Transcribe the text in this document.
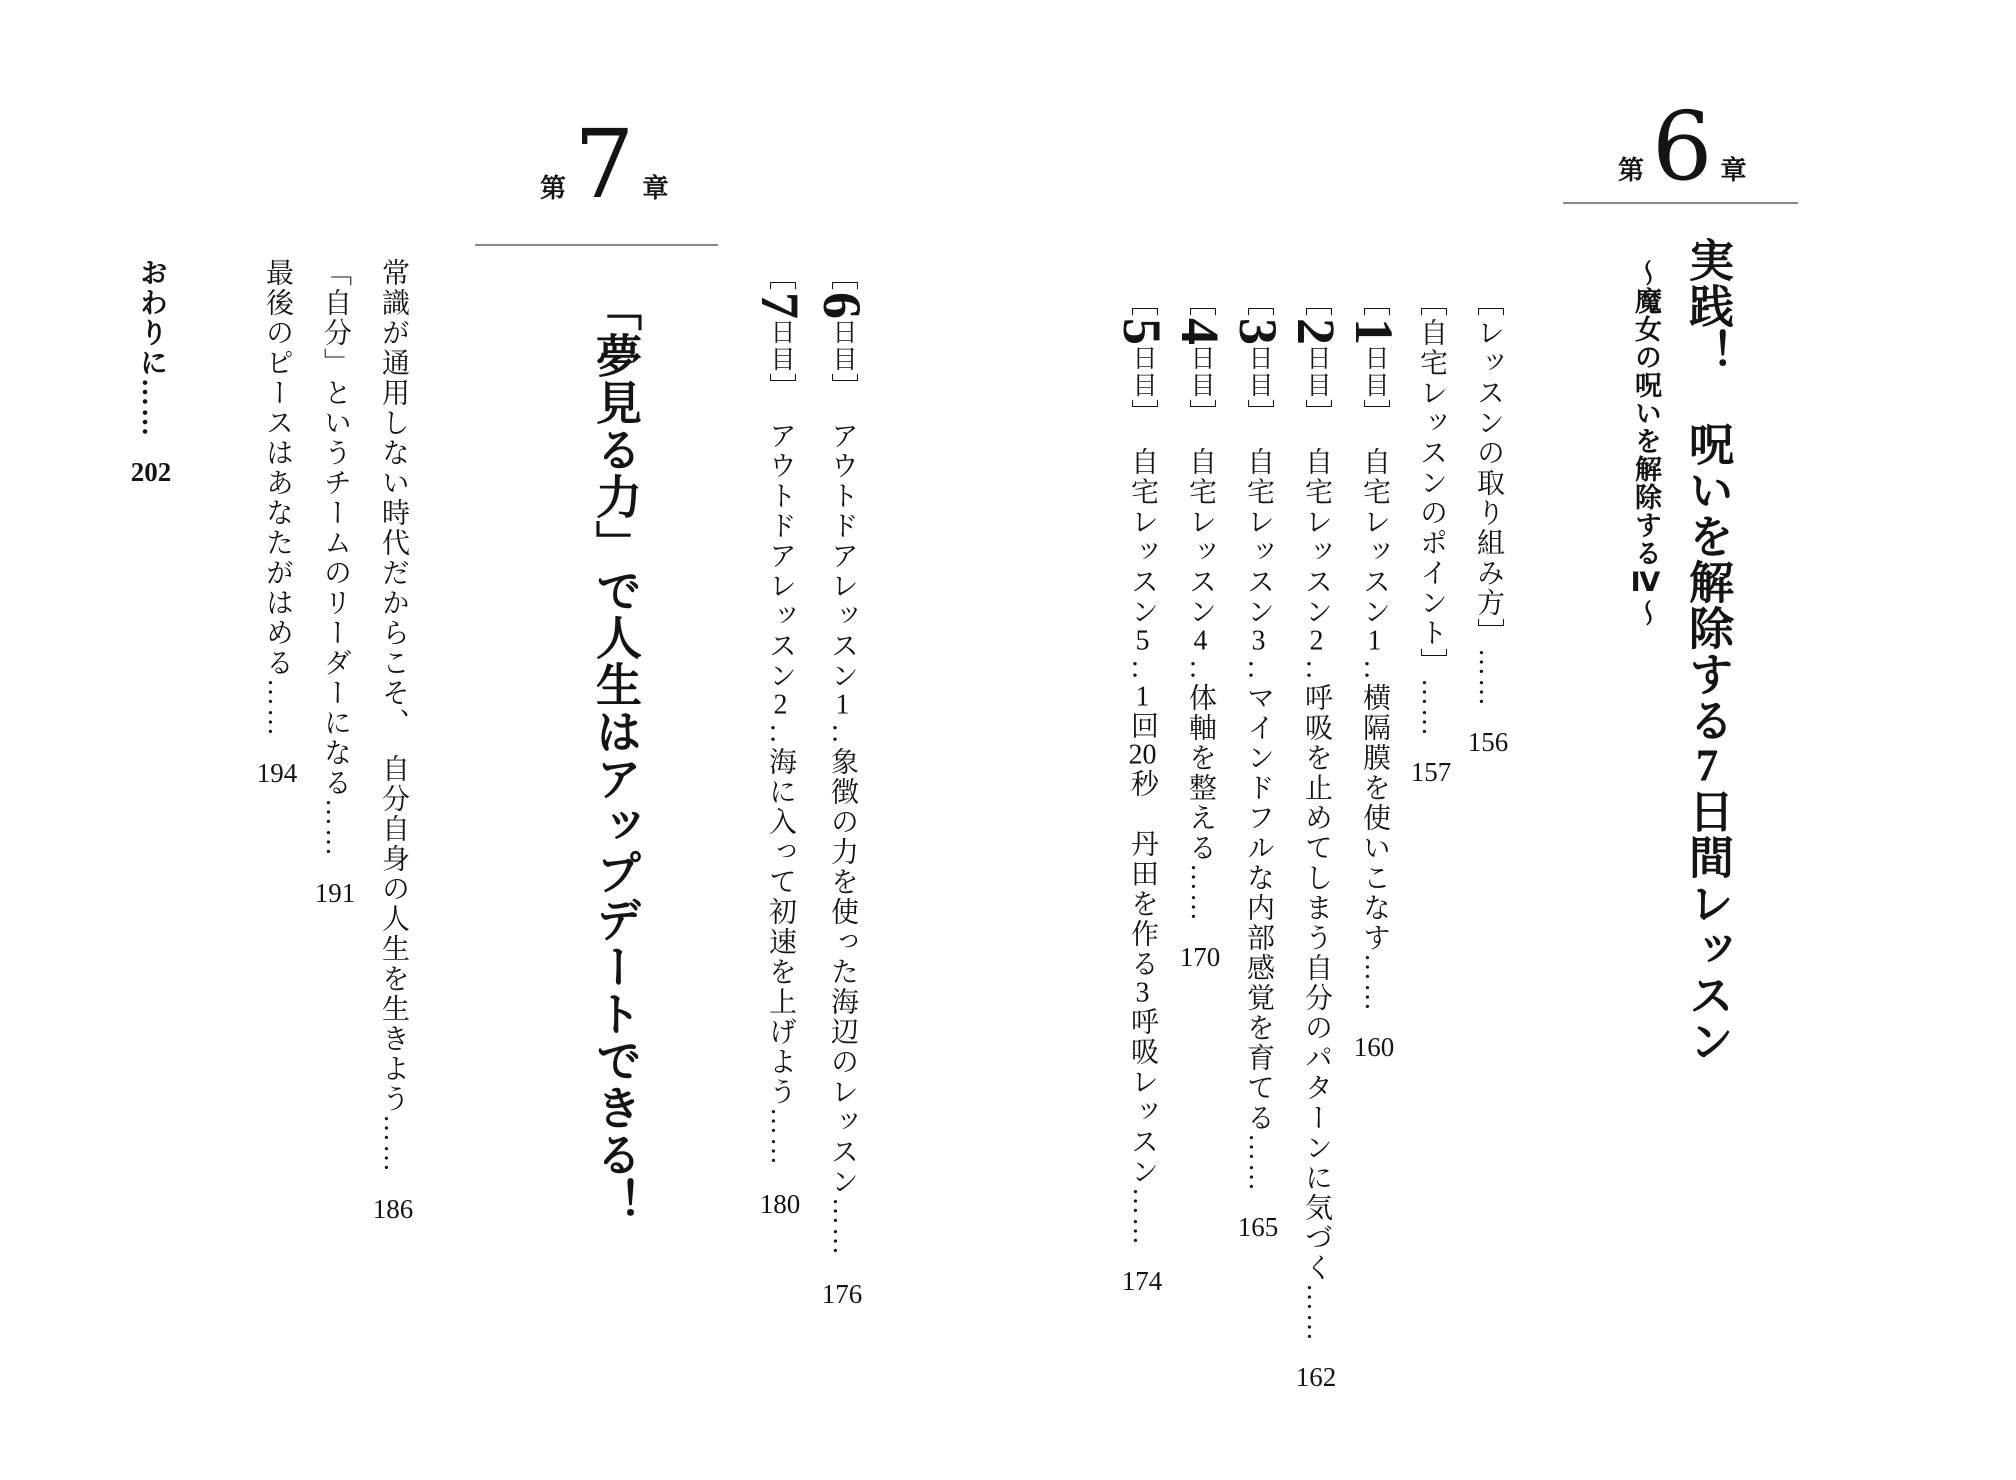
第 6 章
実践！　呪いを解除する7日間レッスン
〜魔女の呪いを解除するⅣ〜
［レッスンの取り組み方］……156
［自宅レッスンのポイント］……157
［1日目］自宅レッスン1：横隔膜を使いこなす……160
［2日目］自宅レッスン2：呼吸を止めてしまう自分のパターンに気づく……162
［3日目］自宅レッスン3：マインドフルな内部感覚を育てる……165
［4日目］自宅レッスン4：体軸を整える……170
［5日目］自宅レッスン5：1回20秒　丹田を作る3呼吸レッスン……174
［6日目］アウトドアレッスン1：象徴の力を使った海辺のレッスン……176
［7日目］アウトドアレッスン2：海に入って初速を上げよう……180
第 7 章
「夢見る力」で人生はアップデートできる！
常識が通用しない時代だからこそ、　自分自身の人生を生きよう……186
「自分」というチームのリーダーになる……191
最後のピースはあなたがはめる……194
おわりに……202
